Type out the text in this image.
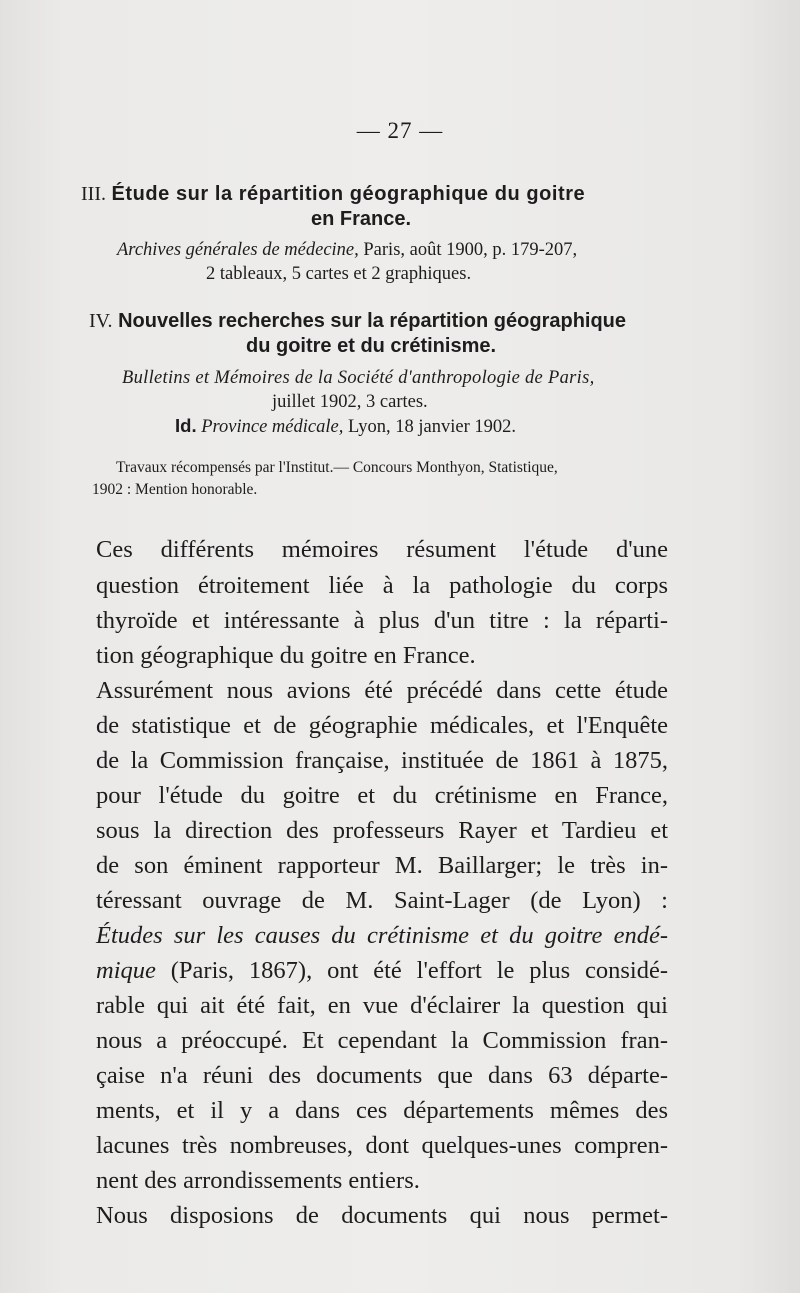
— 27 —
III. Étude sur la répartition géographique du goitre
en France.
Archives générales de médecine, Paris, août 1900, p. 179-207,
2 tableaux, 5 cartes et 2 graphiques.
IV. Nouvelles recherches sur la répartition géographique
du goitre et du crétinisme.
Bulletins et Mémoires de la Société d'anthropologie de Paris,
juillet 1902, 3 cartes.
Id. Province médicale, Lyon, 18 janvier 1902.
Travaux récompensés par l'Institut.— Concours Monthyon, Statistique,
1902 : Mention honorable.
Ces différents mémoires résument l'étude d'une
question étroitement liée à la pathologie du corps
thyroïde et intéressante à plus d'un titre : la réparti-
tion géographique du goitre en France.
Assurément nous avions été précédé dans cette étude
de statistique et de géographie médicales, et l'Enquête
de la Commission française, instituée de 1861 à 1875,
pour l'étude du goitre et du crétinisme en France,
sous la direction des professeurs Rayer et Tardieu et
de son éminent rapporteur M. Baillarger; le très in-
téressant ouvrage de M. Saint-Lager (de Lyon) :
Études sur les causes du crétinisme et du goitre endé-
mique (Paris, 1867), ont été l'effort le plus considé-
rable qui ait été fait, en vue d'éclairer la question qui
nous a préoccupé. Et cependant la Commission fran-
çaise n'a réuni des documents que dans 63 départe-
ments, et il y a dans ces départements mêmes des
lacunes très nombreuses, dont quelques-unes compren-
nent des arrondissements entiers.
Nous disposions de documents qui nous permet-
